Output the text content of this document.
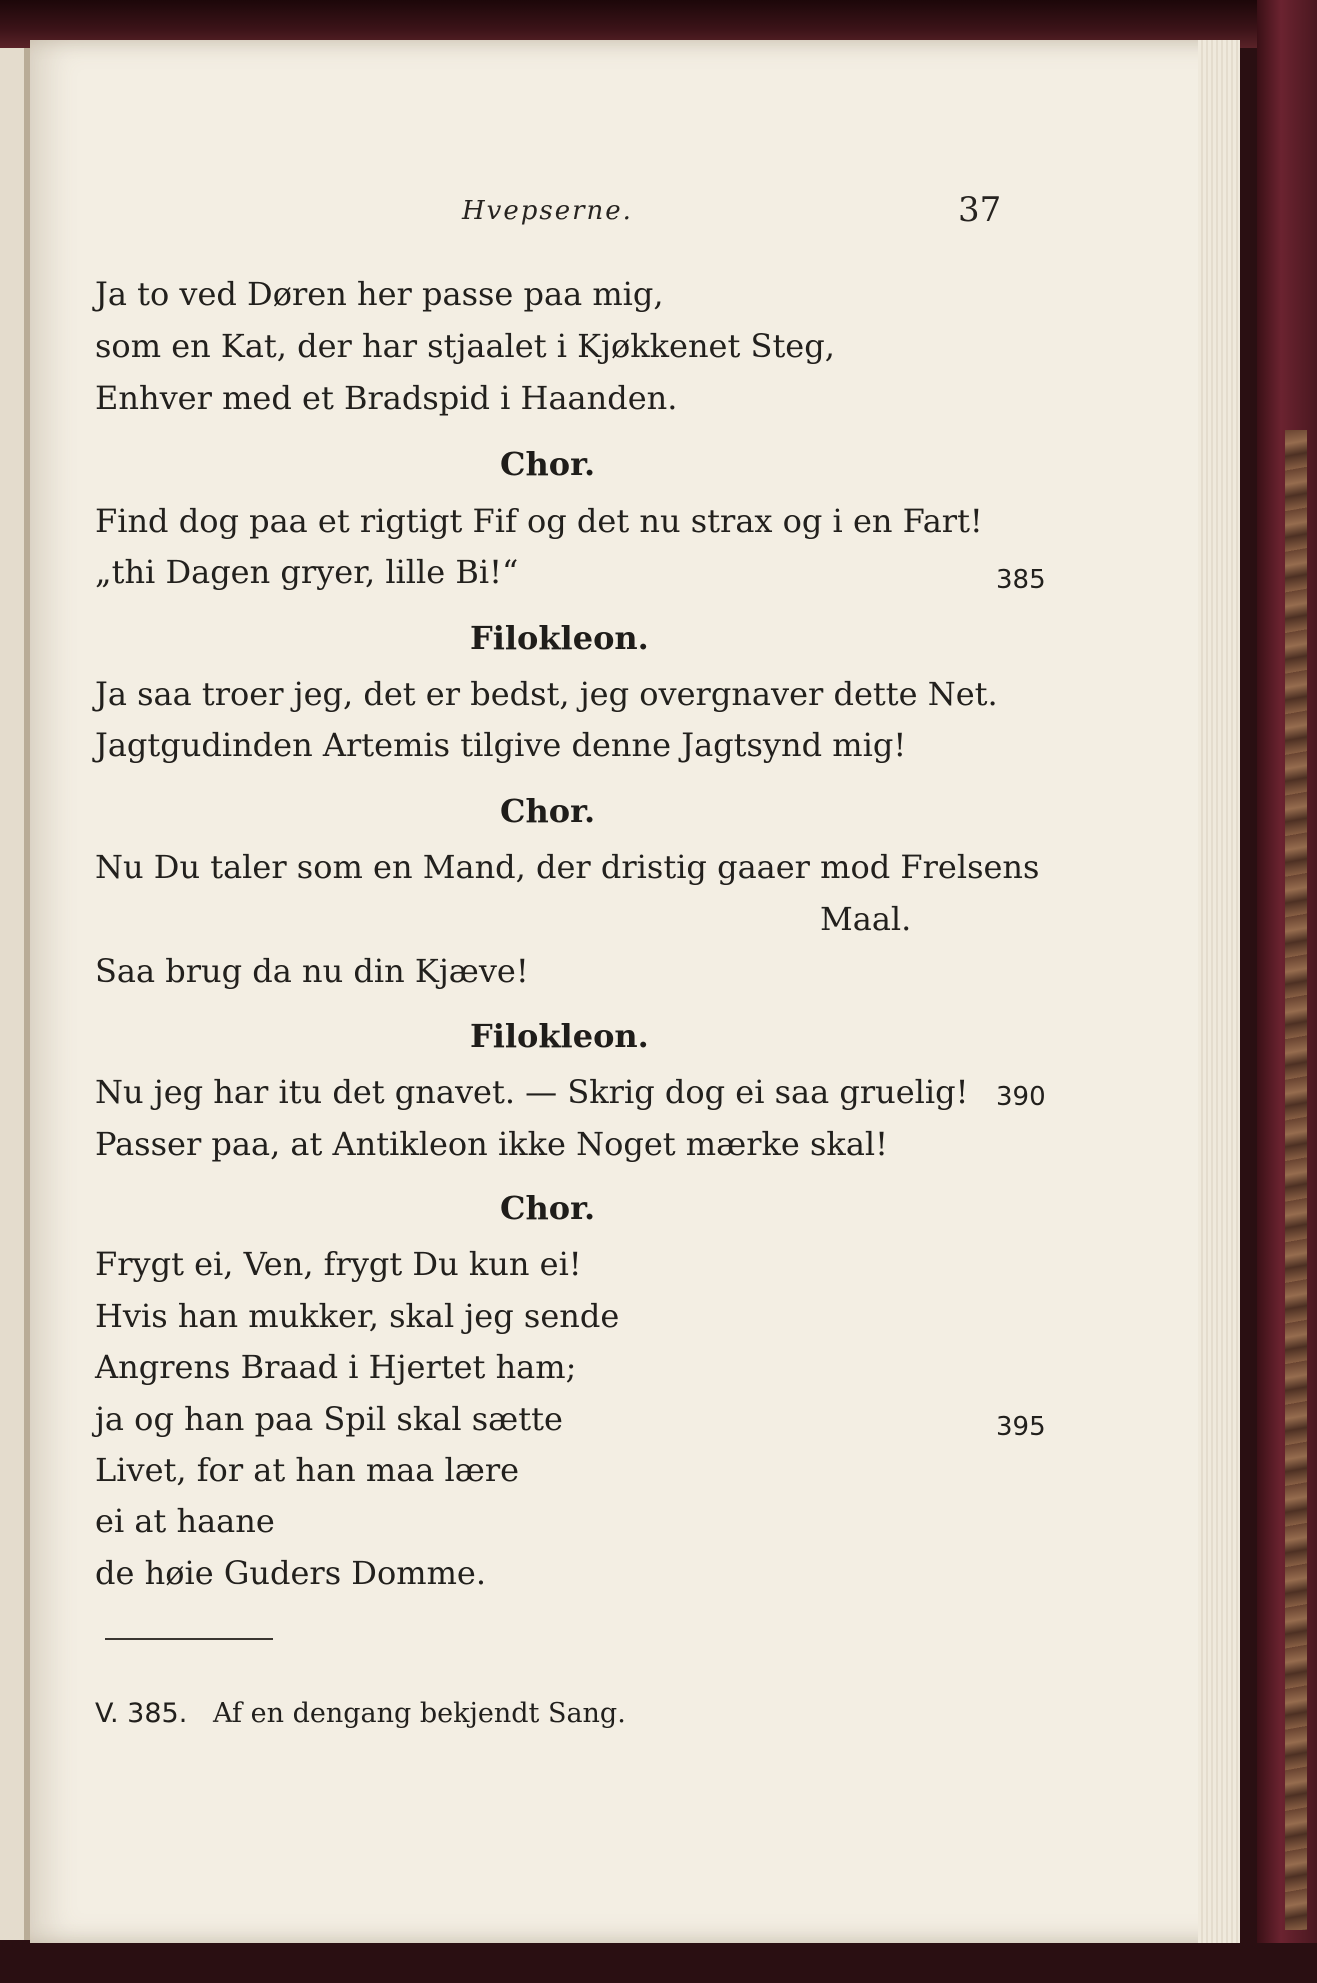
Hvepserne.	37
Ja to ved Døren her passe paa mig,
som en Kat, der har stjaalet i Kjøkkenet Steg,
Enhver med et Bradspid i Haanden.
Chor.
Find dog paa et rigtigt Fif og det nu strax og i en Fart!
„thi Dagen gryer, lille Bi!“	385
Filokleon.
Ja saa troer jeg, det er bedst, jeg overgnaver dette Net.
Jagtgudinden Artemis tilgive denne Jagtsynd mig!
Chor.
Nu Du taler som en Mand, der dristig gaaer mod Frelsens
Maal.
Saa brug da nu din Kjæve!
Filokleon.
Nu jeg har itu det gnavet. — Skrig dog ei saa gruelig! 390
Passer paa, at Antikleon ikke Noget mærke skal!
Chor.
Frygt ei, Ven, frygt Du kun ei!
Hvis han mukker, skal jeg sende
Angrens Braad i Hjertet ham;
ja og han paa Spil skal sætte	395
Livet, for at han maa lære
ei at haane
de høie Guders Domme.
V. 385. Af en dengang bekjendt Sang.
